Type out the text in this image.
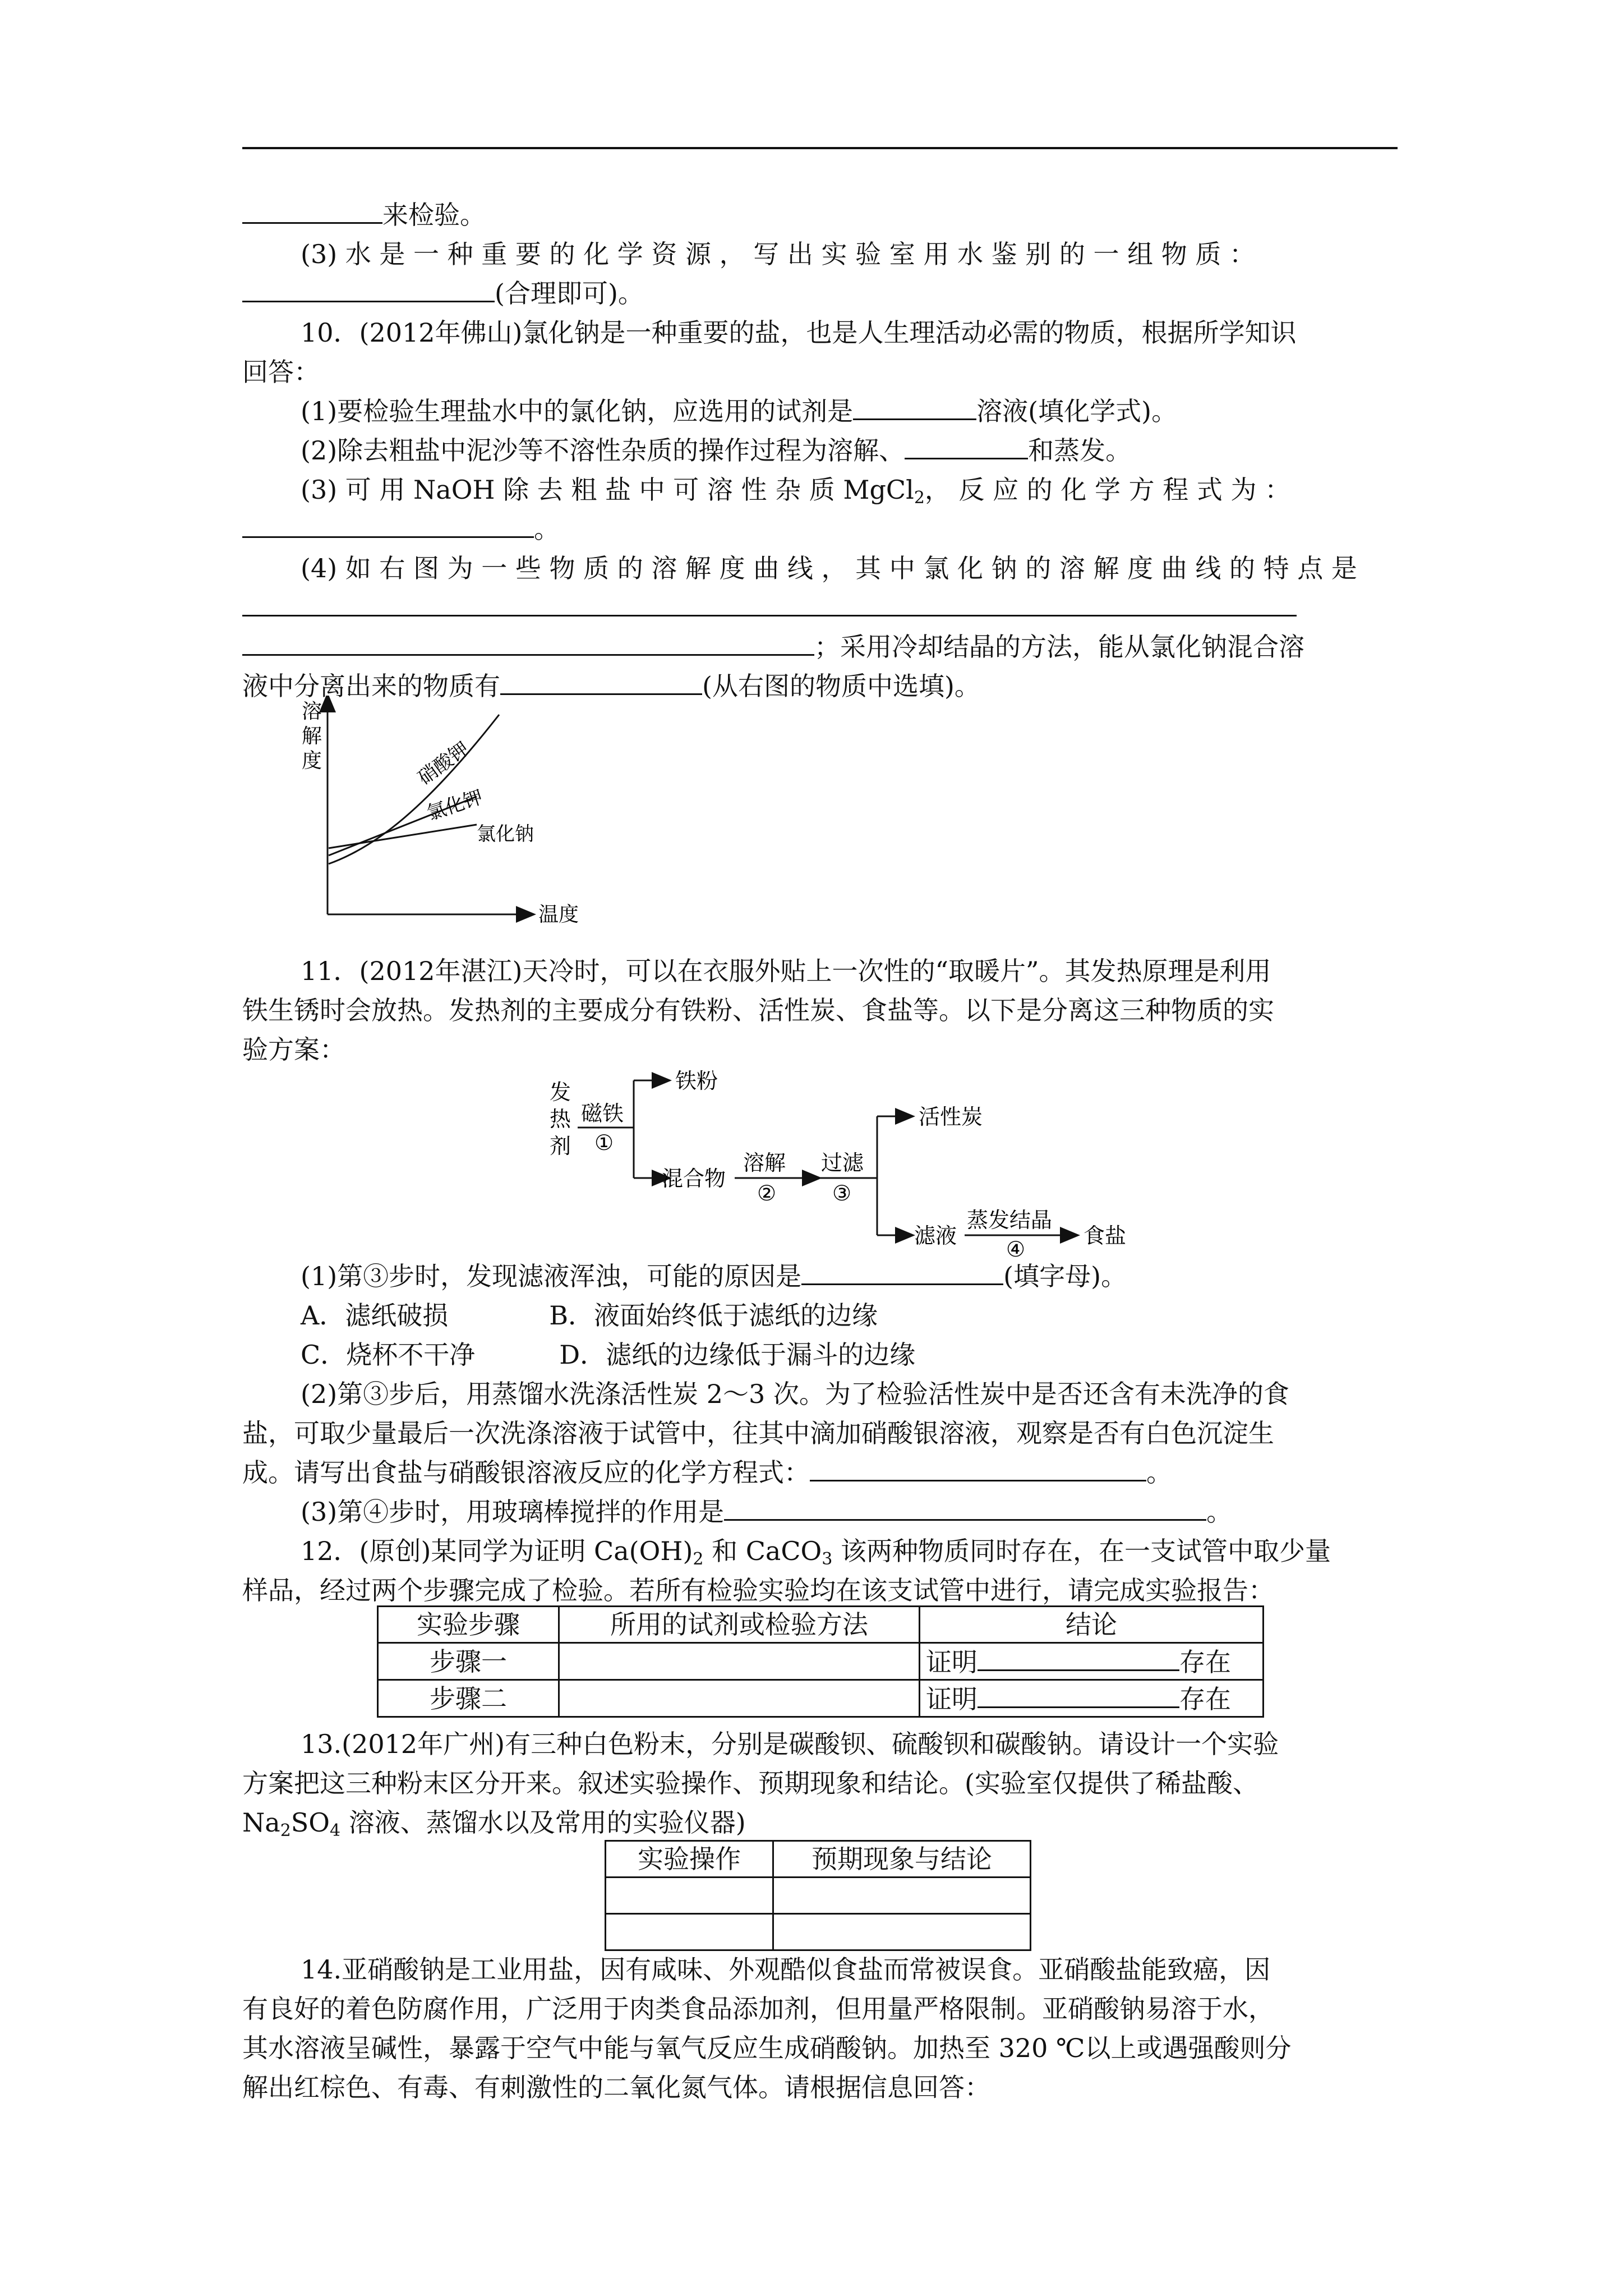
来检验。
(3) 水 是 一 种 重 要 的 化 学 资 源 ， 写 出 实 验 室 用 水 鉴 别 的 一 组 物 质 ：
(合理即可)。
10．(2012年佛山)氯化钠是一种重要的盐，也是人生理活动必需的物质，根据所学知识
回答：
(1)要检验生理盐水中的氯化钠，应选用的试剂是	溶液(填化学式)。
(2)除去粗盐中泥沙等不溶性杂质的操作过程为溶解、	和蒸发。
(3) 可 用 NaOH 除 去 粗 盐 中 可 溶 性 杂 质 MgCl$_2$， 反 应 的 化 学 方 程 式 为 ：
。
(4) 如 右 图 为 一 些 物 质 的 溶 解 度 曲 线 ， 其 中 氯 化 钠 的 溶 解 度 曲 线 的 特 点 是
；采用冷却结晶的方法，能从氯化钠混合溶
液中分离出来的物质有	(从右图的物质中选填)。
溶解度
温度
硝酸钾
氯化钾
氯化钠
11．(2012年湛江)天冷时，可以在衣服外贴上一次性的“取暖片”。其发热原理是利用
铁生锈时会放热。发热剂的主要成分有铁粉、活性炭、食盐等。以下是分离这三种物质的实
验方案：
发 热 剂
磁铁
①
铁粉
混合物
溶解
②
过滤
③
活性炭
滤液
蒸发结晶
④
食盐
(1)第③步时，发现滤液浑浊，可能的原因是	(填字母)。
A．滤纸破损	B．液面始终低于滤纸的边缘
C．烧杯不干净	D．滤纸的边缘低于漏斗的边缘
(2)第③步后，用蒸馏水洗涤活性炭 2～3 次。为了检验活性炭中是否还含有未洗净的食
盐，可取少量最后一次洗涤溶液于试管中，往其中滴加硝酸银溶液，观察是否有白色沉淀生
成。请写出食盐与硝酸银溶液反应的化学方程式：	。
(3)第④步时，用玻璃棒搅拌的作用是	。
12．(原创)某同学为证明 $Ca(OH)_2$ 和 CaCO$_3$ 该两种物质同时存在，在一支试管中取少量
样品，经过两个步骤完成了检验。若所有检验实验均在该支试管中进行，请完成实验报告：
实验步骤	所用的试剂或检验方法	结论
步骤一		证明 存在
步骤二		证明 存在
13.(2012年广州)有三种白色粉末，分别是碳酸钡、硫酸钡和碳酸钠。请设计一个实验
方案把这三种粉末区分开来。叙述实验操作、预期现象和结论。(实验室仅提供了稀盐酸、
$Na_2SO_4$ 溶液、蒸馏水以及常用的实验仪器)
实验操作	预期现象与结论

14.亚硝酸钠是工业用盐，因有咸味、外观酷似食盐而常被误食。亚硝酸盐能致癌，因
有良好的着色防腐作用，广泛用于肉类食品添加剂，但用量严格限制。亚硝酸钠易溶于水，
其水溶液呈碱性，暴露于空气中能与氧气反应生成硝酸钠。加热至 320 ℃以上或遇强酸则分
解出红棕色、有毒、有刺激性的二氧化氮气体。请根据信息回答：
